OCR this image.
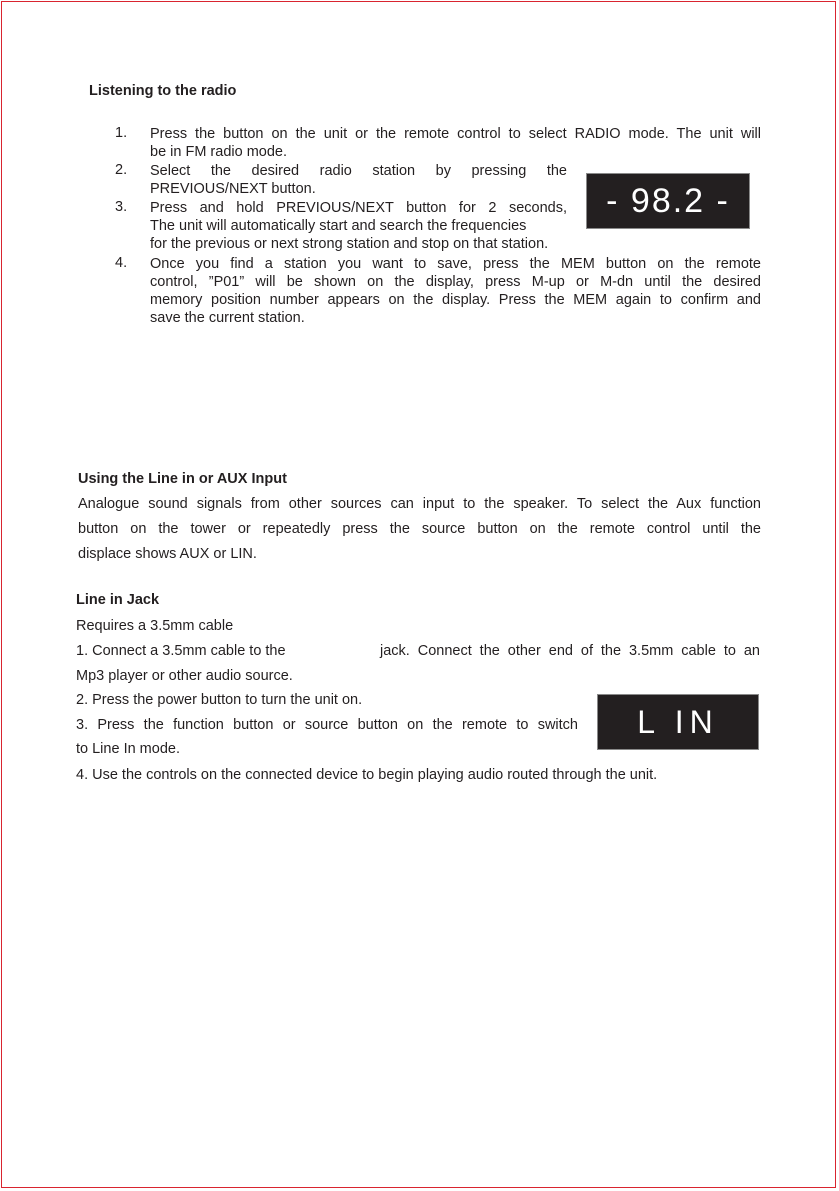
Listening to the radio
1. Press the button on the unit or the remote control to select RADIO mode. The unit will
be in FM radio mode.
2. Select the desired radio station by pressing the
PREVIOUS/NEXT button.
3. Press and hold PREVIOUS/NEXT button for 2 seconds,
The unit will automatically start and search the frequencies
for the previous or next strong station and stop on that station.
4. Once you find a station you want to save, press the MEM button on the remote
control, ”P01” will be shown on the display, press M-up or M-dn until the desired
memory position number appears on the display. Press the MEM again to confirm and
save the current station.
- 98.2 -
Using the Line in or AUX Input
Analogue sound signals from other sources can input to the speaker. To select the Aux function
button on the tower or repeatedly press the source button on the remote control until the
displace shows AUX or LIN.
Line in Jack
Requires a 3.5mm cable
1. Connect a 3.5mm cable to the	jack. Connect the other end of the 3.5mm cable to an
Mp3 player or other audio source.
2. Press the power button to turn the unit on.
3. Press the function button or source button on the remote to switch
to Line In mode.
4. Use the controls on the connected device to begin playing audio routed through the unit.
L IN
